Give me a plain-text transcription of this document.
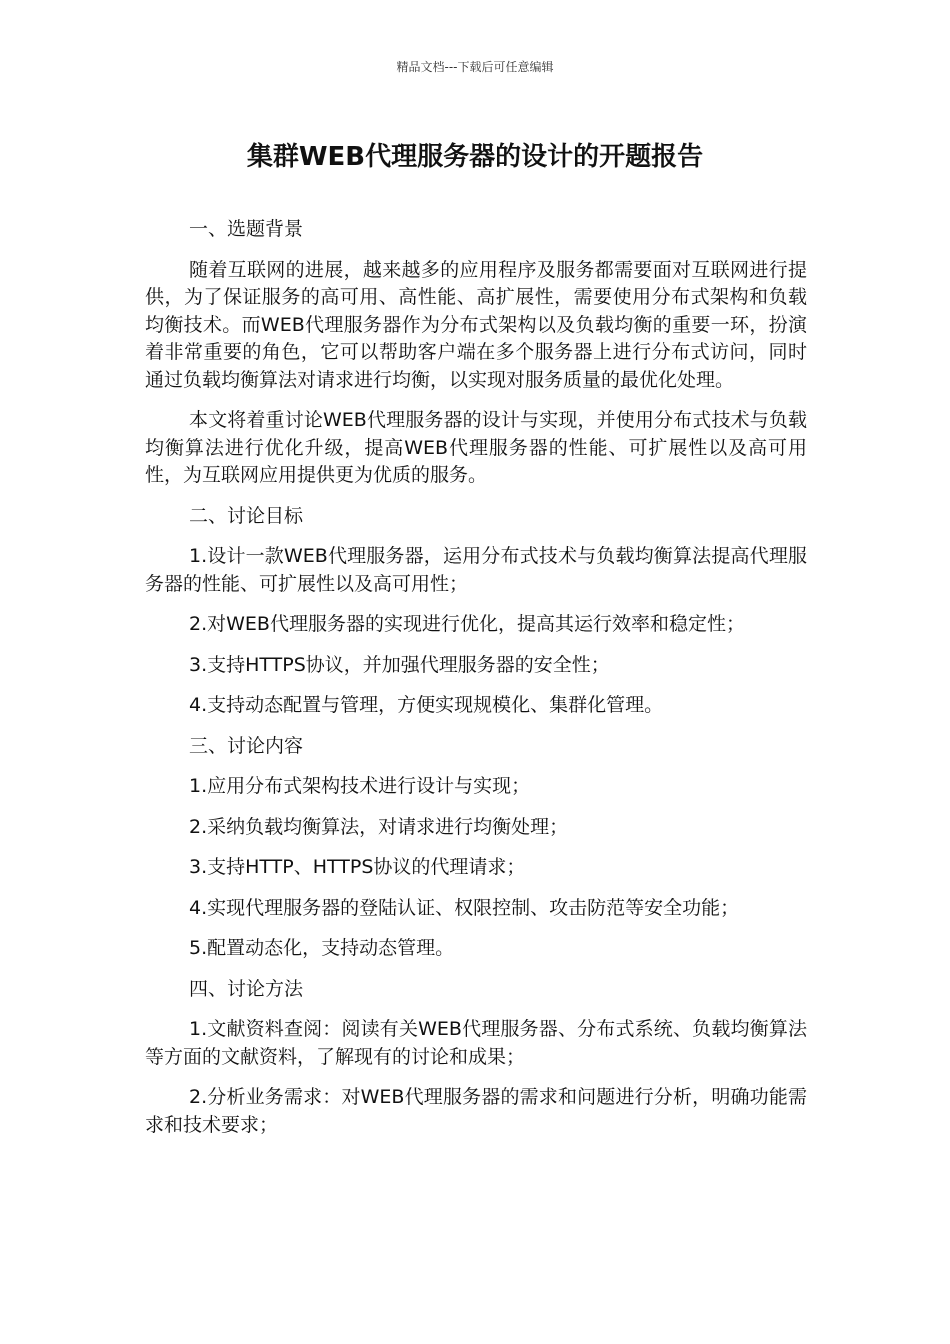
精品文档---下载后可任意编辑
集群WEB代理服务器的设计的开题报告

一、选题背景

随着互联网的进展，越来越多的应用程序及服务都需要面对互联网进行提供，为了保证服务的高可用、高性能、高扩展性，需要使用分布式架构和负载均衡技术。而WEB代理服务器作为分布式架构以及负载均衡的重要一环，扮演着非常重要的角色，它可以帮助客户端在多个服务器上进行分布式访问，同时通过负载均衡算法对请求进行均衡，以实现对服务质量的最优化处理。

本文将着重讨论WEB代理服务器的设计与实现，并使用分布式技术与负载均衡算法进行优化升级，提高WEB代理服务器的性能、可扩展性以及高可用性，为互联网应用提供更为优质的服务。

二、讨论目标

1.设计一款WEB代理服务器，运用分布式技术与负载均衡算法提高代理服务器的性能、可扩展性以及高可用性；

2.对WEB代理服务器的实现进行优化，提高其运行效率和稳定性；

3.支持HTTPS协议，并加强代理服务器的安全性；

4.支持动态配置与管理，方便实现规模化、集群化管理。

三、讨论内容

1.应用分布式架构技术进行设计与实现；

2.采纳负载均衡算法，对请求进行均衡处理；

3.支持HTTP、HTTPS协议的代理请求；

4.实现代理服务器的登陆认证、权限控制、攻击防范等安全功能；

5.配置动态化，支持动态管理。

四、讨论方法

1.文献资料查阅：阅读有关WEB代理服务器、分布式系统、负载均衡算法等方面的文献资料，了解现有的讨论和成果；

2.分析业务需求：对WEB代理服务器的需求和问题进行分析，明确功能需求和技术要求；
